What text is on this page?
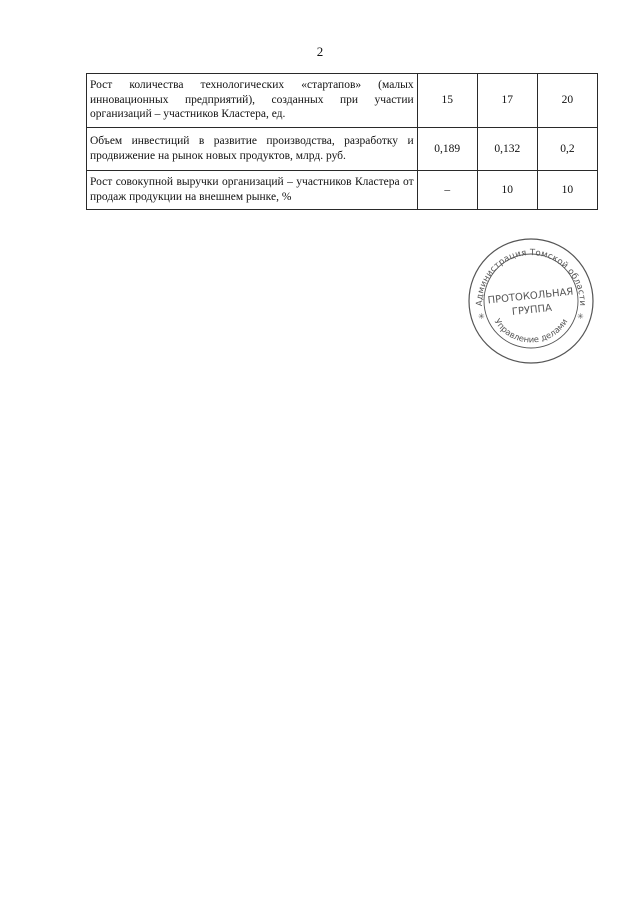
2
Рост количества технологических «стартапов» (малых инновационных предприятий), созданных при участии организаций – участников Кластера, ед.	15	17	20
Объем инвестиций в развитие производства, разработку и продвижение на рынок новых продуктов, млрд. руб.	0,189	0,132	0,2
Рост совокупной выручки организаций – участников Кластера от продаж продукции на внешнем рынке, %	–	10	10
Администрация Томской области
Управление делами
✳	✳
ПРОТОКОЛЬНАЯ
ГРУППА
